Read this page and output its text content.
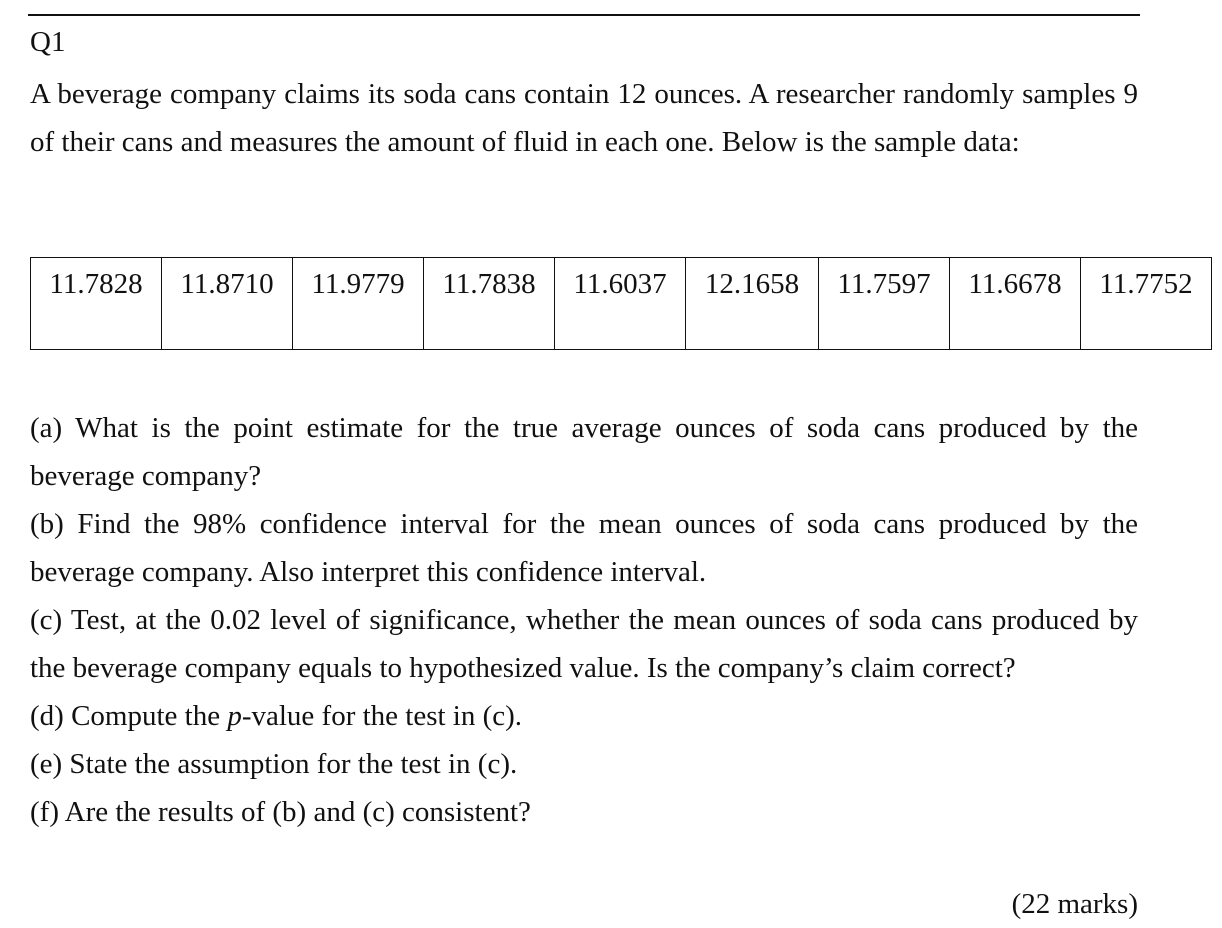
Q1
A beverage company claims its soda cans contain 12 ounces. A researcher randomly samples 9 of their cans and measures the amount of fluid in each one. Below is the sample data:
11.7828	11.8710	11.9779	11.7838	11.6037	12.1658	11.7597	11.6678	11.7752

(a) What is the point estimate for the true average ounces of soda cans produced by the beverage company?

(b) Find the 98% confidence interval for the mean ounces of soda cans produced by the beverage company. Also interpret this confidence interval.

(c) Test, at the 0.02 level of significance, whether the mean ounces of soda cans produced by the beverage company equals to hypothesized value. Is the company’s claim correct?

(d) Compute the p-value for the test in (c).

(e) State the assumption for the test in (c).

(f) Are the results of (b) and (c) consistent?

(22 marks)
